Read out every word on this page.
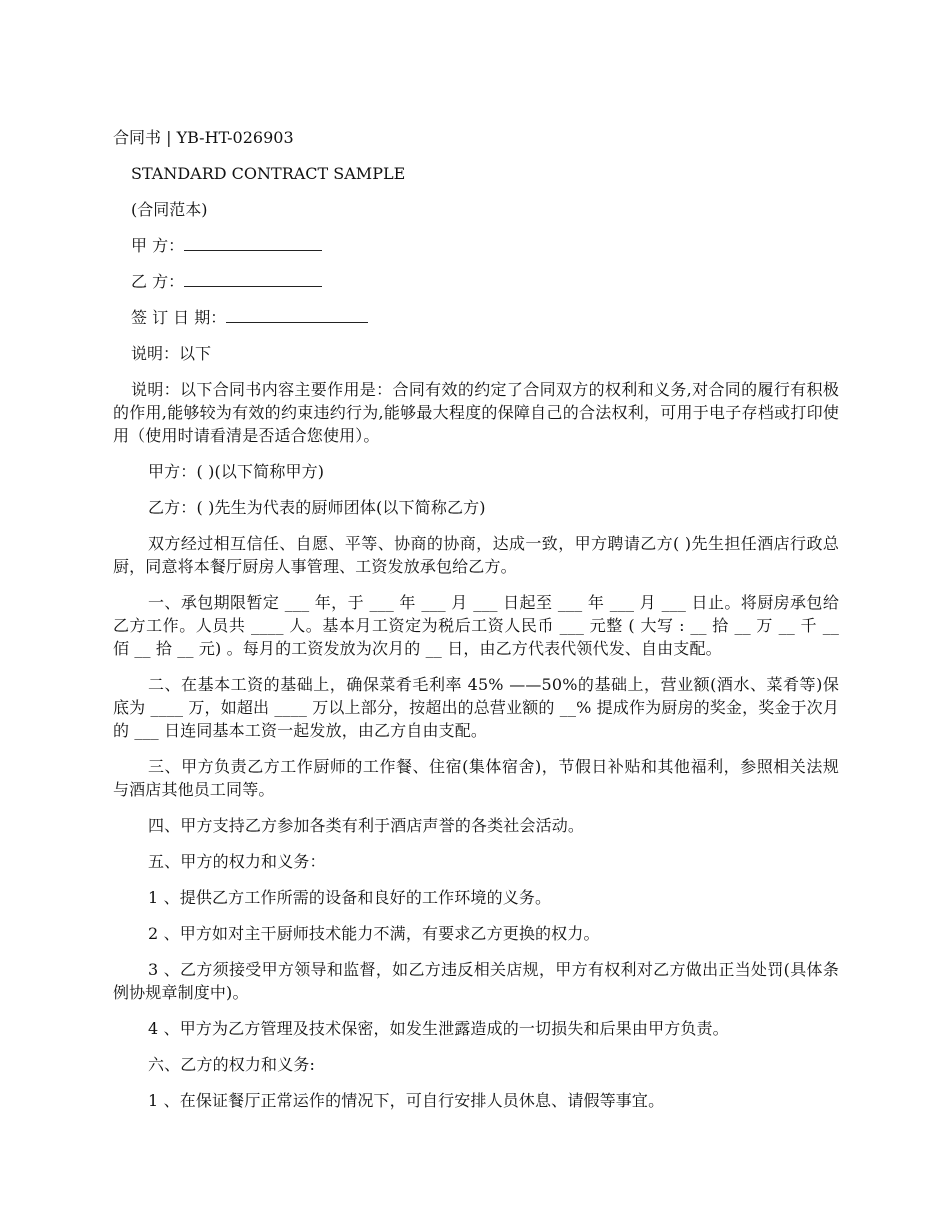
合同书 | YB-HT-026903
STANDARD CONTRACT SAMPLE
(合同范本)
甲 方：
乙 方：
签 订 日 期：
说明：以下

说明：以下合同书内容主要作用是：合同有效的约定了合同双方的权利和义务,对合同的履行有积极的作用,能够较为有效的约束违约行为,能够最大程度的保障自己的合法权利，可用于电子存档或打印使用（使用时请看清是否适合您使用）。

甲方：( )(以下简称甲方)

乙方：( )先生为代表的厨师团体(以下简称乙方)

双方经过相互信任、自愿、平等、协商的协商，达成一致，甲方聘请乙方( )先生担任酒店行政总厨，同意将本餐厅厨房人事管理、工资发放承包给乙方。

一、承包期限暂定 ___ 年，于 ___ 年 ___ 月 ___ 日起至 ___ 年 ___ 月 ___ 日止。将厨房承包给乙方工作。人员共 ____ 人。基本月工资定为税后工资人民币 ___ 元整 ( 大写 : __ 拾 __ 万 __ 千 __ 佰 __ 拾 __ 元) 。每月的工资发放为次月的 __ 日，由乙方代表代领代发、自由支配。

二、在基本工资的基础上，确保菜肴毛利率 45% ——50%的基础上，营业额(酒水、菜肴等)保底为 ____ 万，如超出 ____ 万以上部分，按超出的总营业额的 __% 提成作为厨房的奖金，奖金于次月的 ___ 日连同基本工资一起发放，由乙方自由支配。

三、甲方负责乙方工作厨师的工作餐、住宿(集体宿舍)，节假日补贴和其他福利，参照相关法规与酒店其他员工同等。

四、甲方支持乙方参加各类有利于酒店声誉的各类社会活动。

五、甲方的权力和义务：

1 、提供乙方工作所需的设备和良好的工作环境的义务。

2 、甲方如对主干厨师技术能力不满，有要求乙方更换的权力。

3 、乙方须接受甲方领导和监督，如乙方违反相关店规，甲方有权利对乙方做出正当处罚(具体条例协规章制度中)。

4 、甲方为乙方管理及技术保密，如发生泄露造成的一切损失和后果由甲方负责。

六、乙方的权力和义务:

1 、在保证餐厅正常运作的情况下，可自行安排人员休息、请假等事宜。
